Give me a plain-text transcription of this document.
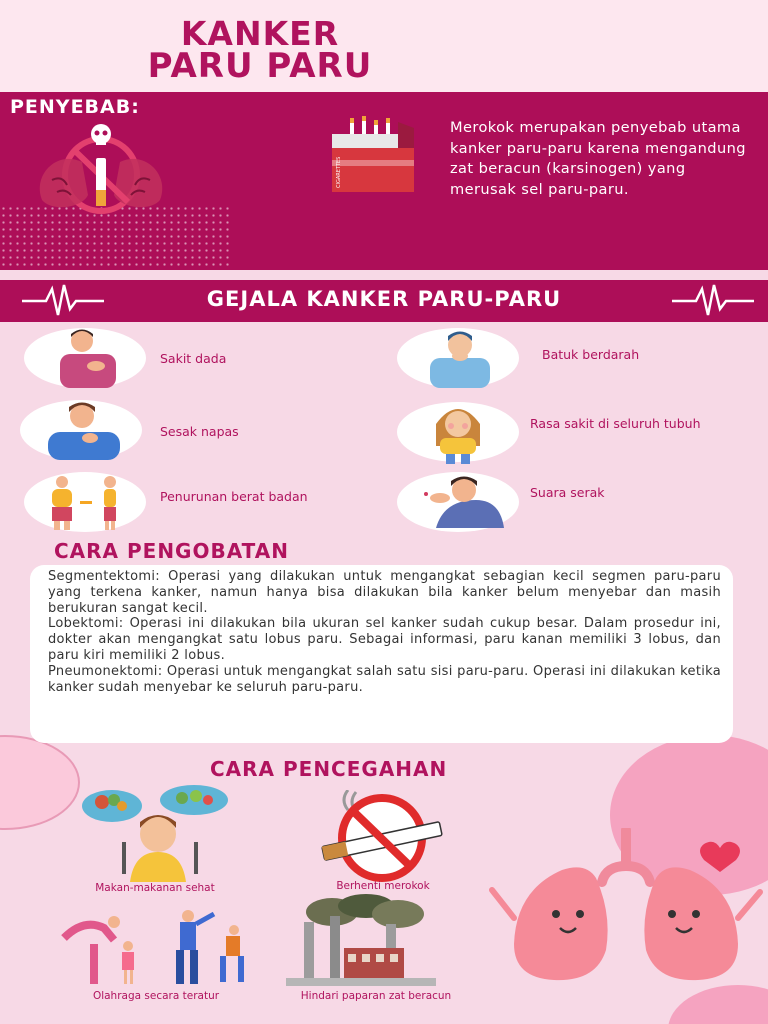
KANKER
PARU PARU
PENYEBAB:
CIGARETTES
Merokok merupakan penyebab utama kanker paru-paru karena mengandung zat beracun (karsinogen) yang merusak sel paru-paru.
GEJALA KANKER PARU-PARU
Sakit dada	Batuk berdarah
Sesak napas
Rasa sakit di seluruh tubuh
Penurunan berat badan	Suara serak
CARA PENGOBATAN
Segmentektomi: Operasi yang dilakukan untuk mengangkat sebagian kecil segmen paru-paru yang terkena kanker, namun hanya bisa dilakukan bila kanker belum menyebar dan masih berukuran sangat kecil.
Lobektomi: Operasi ini dilakukan bila ukuran sel kanker sudah cukup besar. Dalam prosedur ini, dokter akan mengangkat satu lobus paru. Sebagai informasi, paru kanan memiliki 3 lobus, dan paru kiri memiliki 2 lobus.
Pneumonektomi: Operasi untuk mengangkat salah satu sisi paru-paru. Operasi ini dilakukan ketika kanker sudah menyebar ke seluruh paru-paru.
CARA PENCEGAHAN
Makan-makanan sehat	Berhenti merokok
Olahraga secara teratur	Hindari paparan zat beracun
